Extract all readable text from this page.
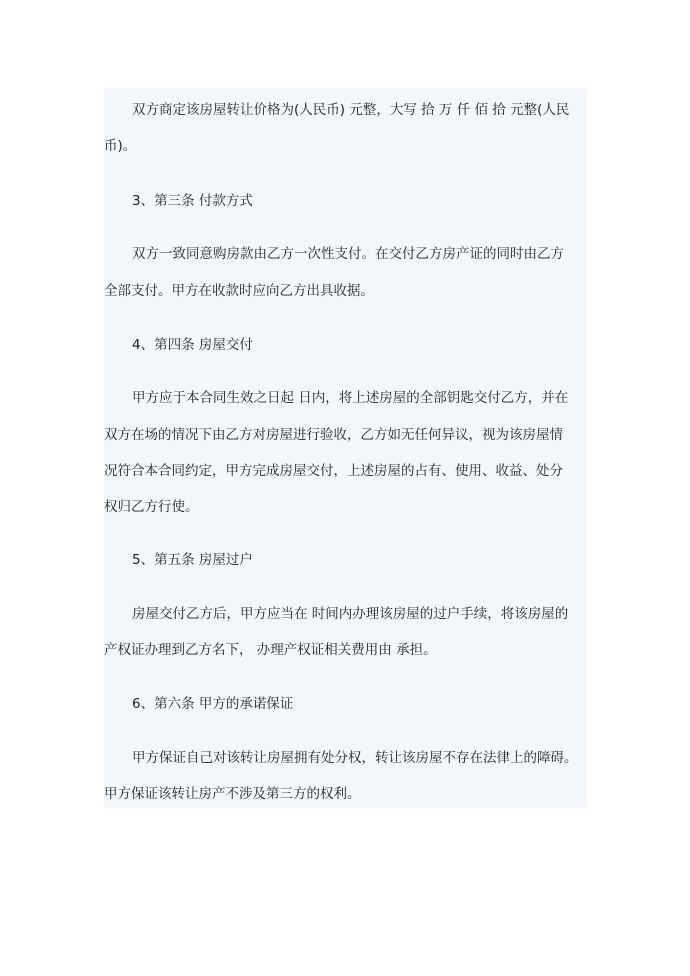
双方商定该房屋转让价格为(人民币) 元整，大写 拾 万 仟 佰 拾 元整(人民
币)。
3、第三条 付款方式
双方一致同意购房款由乙方一次性支付。在交付乙方房产证的同时由乙方
全部支付。甲方在收款时应向乙方出具收据。
4、第四条 房屋交付
甲方应于本合同生效之日起 日内，将上述房屋的全部钥匙交付乙方，并在
双方在场的情况下由乙方对房屋进行验收，乙方如无任何异议，视为该房屋情
况符合本合同约定，甲方完成房屋交付，上述房屋的占有、使用、收益、处分
权归乙方行使。
5、第五条 房屋过户
房屋交付乙方后，甲方应当在 时间内办理该房屋的过户手续，将该房屋的
产权证办理到乙方名下， 办理产权证相关费用由 承担。
6、第六条 甲方的承诺保证
甲方保证自己对该转让房屋拥有处分权，转让该房屋不存在法律上的障碍。
甲方保证该转让房产不涉及第三方的权利。
